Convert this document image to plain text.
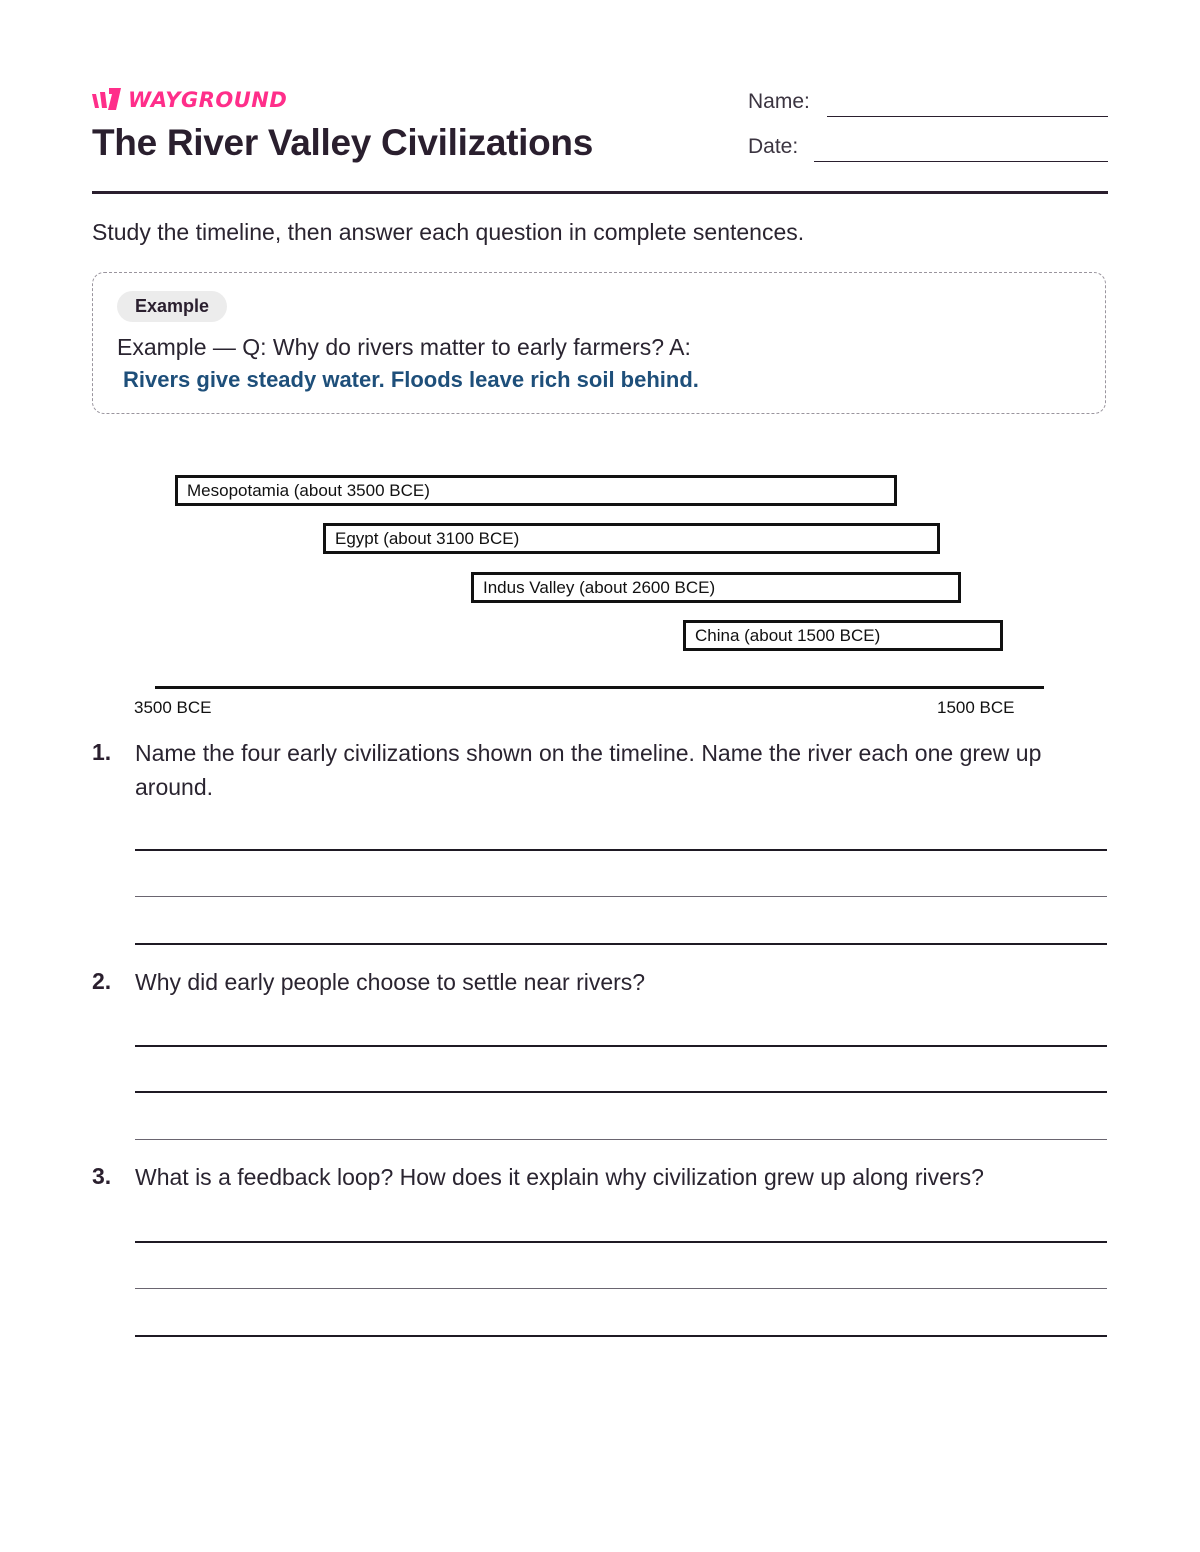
WAYGROUND
The River Valley Civilizations
Name:
Date:
Study the timeline, then answer each question in complete sentences.
Example
Example — Q: Why do rivers matter to early farmers? A:
Rivers give steady water. Floods leave rich soil behind.
Mesopotamia (about 3500 BCE)
Egypt (about 3100 BCE)
Indus Valley (about 2600 BCE)
China (about 1500 BCE)
3500 BCE	1500 BCE
1. Name the four early civilizations shown on the timeline. Name the river each one grew up around.
2. Why did early people choose to settle near rivers?
3. What is a feedback loop? How does it explain why civilization grew up along rivers?
